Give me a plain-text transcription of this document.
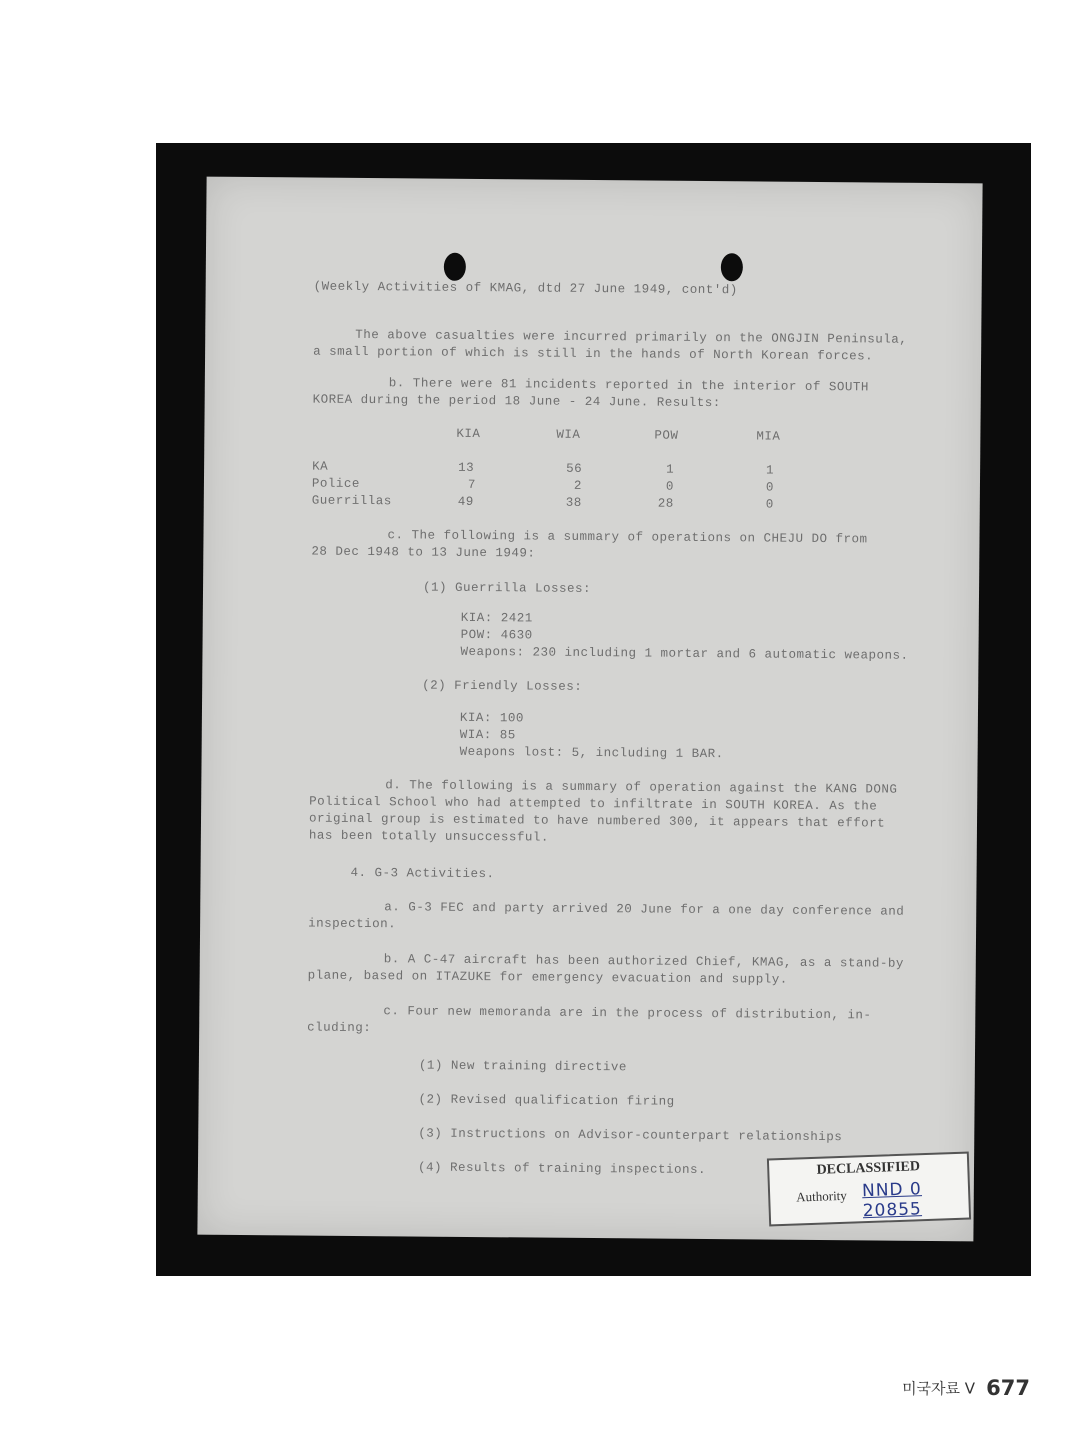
(Weekly Activities of KMAG, dtd 27 June 1949, cont'd)
The above casualties were incurred primarily on the ONGJIN Peninsula,
a small portion of which is still in the hands of North Korean forces.
b. There were 81 incidents reported in the interior of SOUTH
KOREA during the period 18 June - 24 June. Results:
KIA	WIA	POW	MIA
KA	13	56	1	1
Police	7	2	0	0
Guerrillas	49	38	28	0
c. The following is a summary of operations on CHEJU DO from
28 Dec 1948 to 13 June 1949:
(1) Guerrilla Losses:
KIA: 2421
POW: 4630
Weapons: 230 including 1 mortar and 6 automatic weapons.
(2) Friendly Losses:
KIA: 100
WIA: 85
Weapons lost: 5, including 1 BAR.
d. The following is a summary of operation against the KANG DONG
Political School who had attempted to infiltrate in SOUTH KOREA. As the
original group is estimated to have numbered 300, it appears that effort
has been totally unsuccessful.
4. G-3 Activities.
a. G-3 FEC and party arrived 20 June for a one day conference and
inspection.
b. A C-47 aircraft has been authorized Chief, KMAG, as a stand-by
plane, based on ITAZUKE for emergency evacuation and supply.
c. Four new memoranda are in the process of distribution, in-
cluding:
(1) New training directive
(2) Revised qualification firing
(3) Instructions on Advisor-counterpart relationships
(4) Results of training inspections.	DECLASSIFIED
Authority NND 0 20855
미국자료 V 677
